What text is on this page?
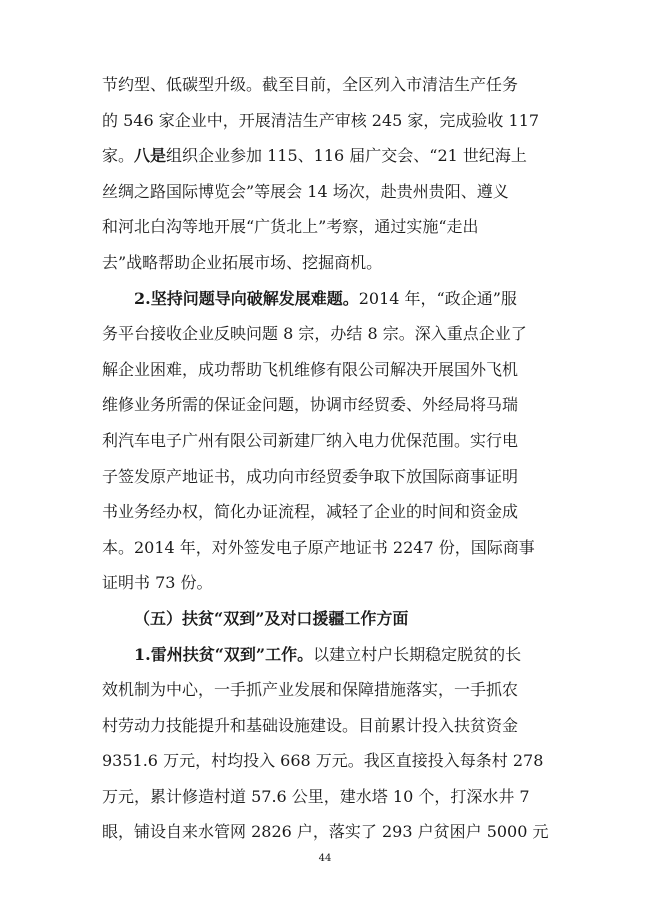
节约型、低碳型升级。截至目前，全区列入市清洁生产任务
的 546 家企业中，开展清洁生产审核 245 家，完成验收 117
家。八是组织企业参加 115、116 届广交会、“21 世纪海上
丝绸之路国际博览会”等展会 14 场次，赴贵州贵阳、遵义
和河北白沟等地开展“广货北上”考察，通过实施“走出
去”战略帮助企业拓展市场、挖掘商机。
2.坚持问题导向破解发展难题。2014 年，“政企通”服
务平台接收企业反映问题 8 宗，办结 8 宗。深入重点企业了
解企业困难，成功帮助飞机维修有限公司解决开展国外飞机
维修业务所需的保证金问题，协调市经贸委、外经局将马瑞
利汽车电子广州有限公司新建厂纳入电力优保范围。实行电
子签发原产地证书，成功向市经贸委争取下放国际商事证明
书业务经办权，简化办证流程，减轻了企业的时间和资金成
本。2014 年，对外签发电子原产地证书 2247 份，国际商事
证明书 73 份。
（五）扶贫“双到”及对口援疆工作方面
1.雷州扶贫“双到”工作。以建立村户长期稳定脱贫的长
效机制为中心，一手抓产业发展和保障措施落实，一手抓农
村劳动力技能提升和基础设施建设。目前累计投入扶贫资金
9351.6 万元，村均投入 668 万元。我区直接投入每条村 278
万元，累计修造村道 57.6 公里，建水塔 10 个，打深水井 7
眼，铺设自来水管网 2826 户，落实了 293 户贫困户 5000 元
44
